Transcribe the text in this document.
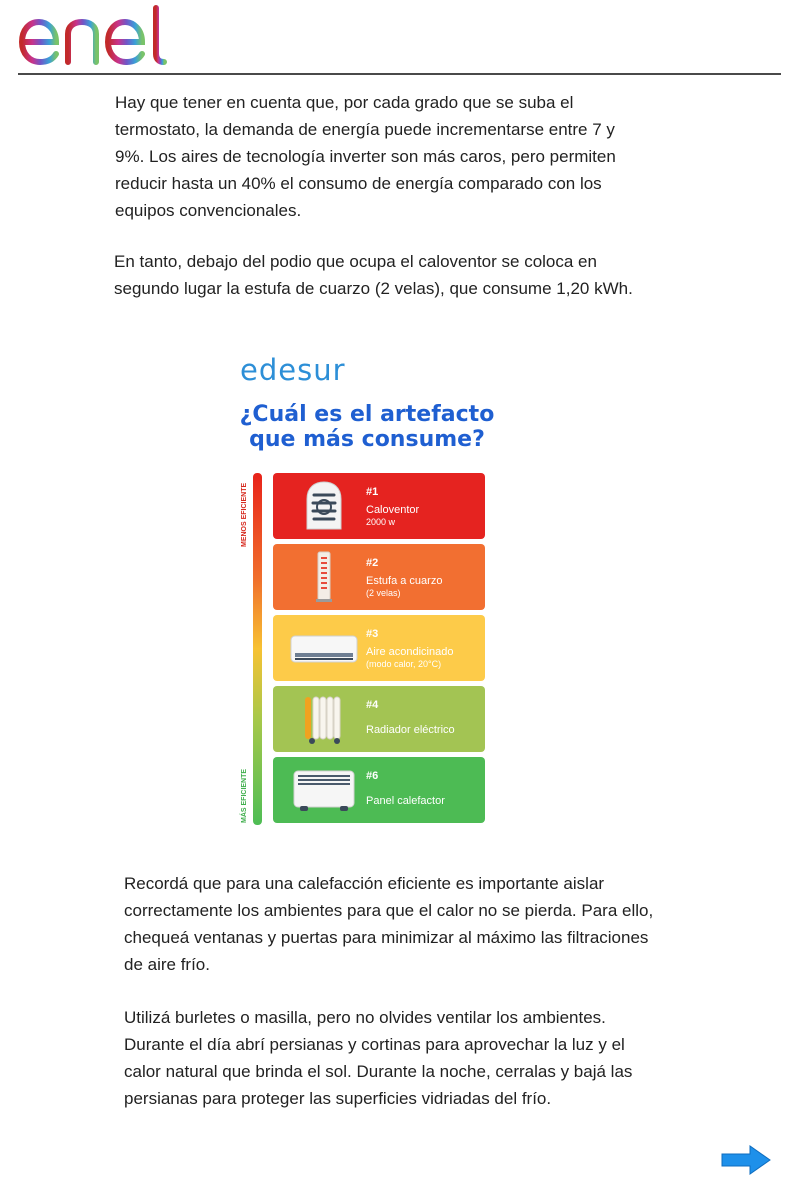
Hay que tener en cuenta que, por cada grado que se suba el termostato, la demanda de energía puede incrementarse entre 7 y 9%. Los aires de tecnología inverter son más caros, pero permiten reducir hasta un 40% el consumo de energía comparado con los equipos convencionales.

En tanto, debajo del podio que ocupa el caloventor se coloca en segundo lugar la estufa de cuarzo (2 velas), que consume 1,20 kWh.

edesur
¿Cuál es el artefacto
que más consume?
MENOS EFICIENTE
MÁS EFICIENTE
#1
Caloventor
2000 w
#2
Estufa a cuarzo
(2 velas)
#3
Aire acondicinado
(modo calor, 20°C)
#4
Radiador eléctrico
#6
Panel calefactor

Recordá que para una calefacción eficiente es importante aislar correctamente los ambientes para que el calor no se pierda. Para ello, chequeá ventanas y puertas para minimizar al máximo las filtraciones de aire frío.

Utilizá burletes o masilla, pero no olvides ventilar los ambientes. Durante el día abrí persianas y cortinas para aprovechar la luz y el calor natural que brinda el sol. Durante la noche, cerralas y bajá las persianas para proteger las superficies vidriadas del frío.
